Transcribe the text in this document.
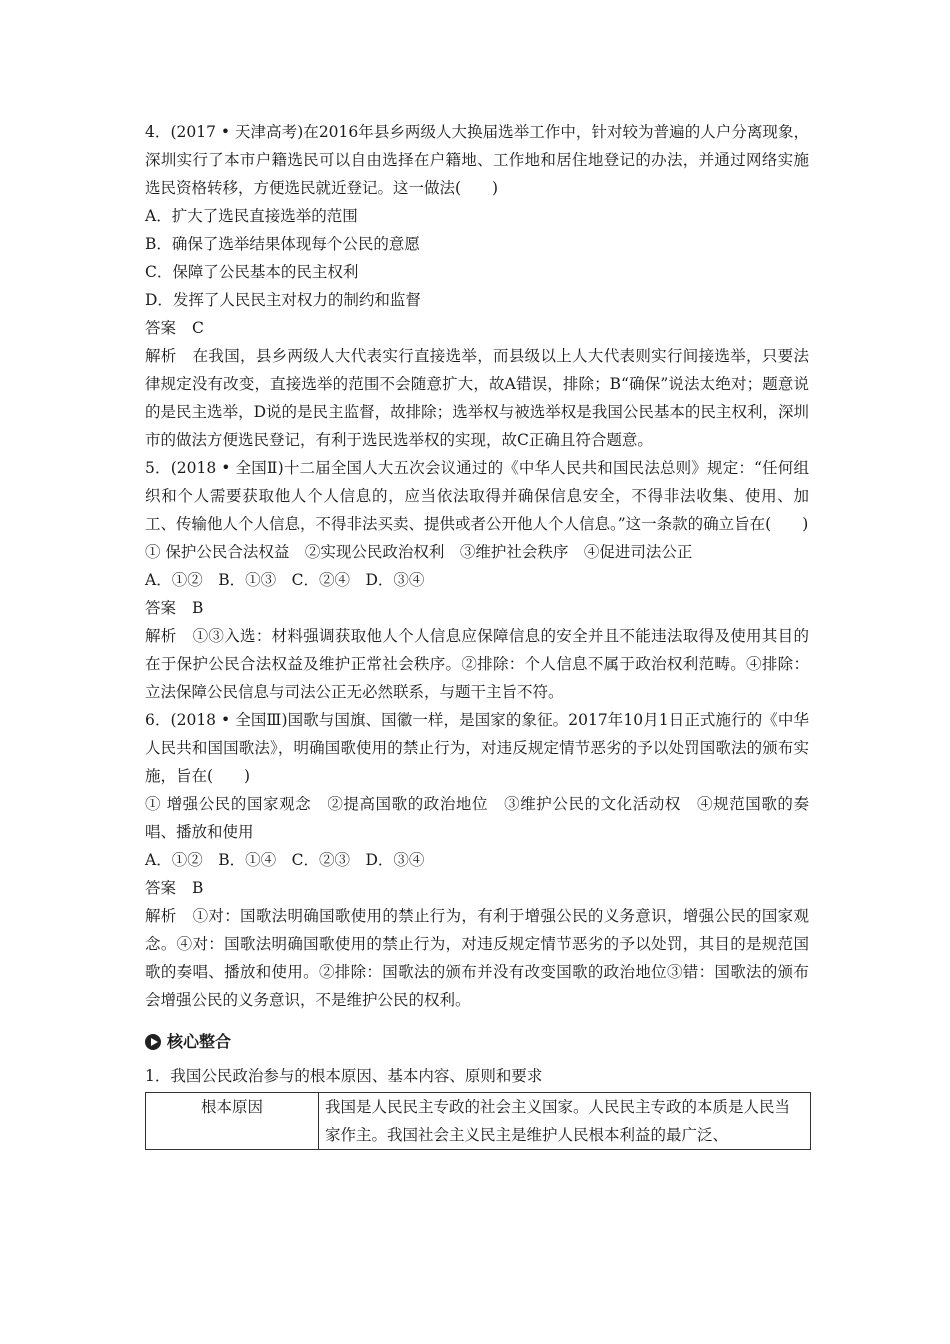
4．(2017 • 天津高考)在2016年县乡两级人大换届选举工作中，针对较为普遍的人户分离现象，深圳实行了本市户籍选民可以自由选择在户籍地、工作地和居住地登记的办法，并通过网络实施选民资格转移，方便选民就近登记。这一做法(　　)

A．扩大了选民直接选举的范围

B．确保了选举结果体现每个公民的意愿

C．保障了公民基本的民主权利

D．发挥了人民民主对权力的制约和监督

答案 C

解析 在我国，县乡两级人大代表实行直接选举，而县级以上人大代表则实行间接选举，只要法律规定没有改变，直接选举的范围不会随意扩大，故A错误，排除；B“确保”说法太绝对；题意说的是民主选举，D说的是民主监督，故排除；选举权与被选举权是我国公民基本的民主权利，深圳市的做法方便选民登记，有利于选民选举权的实现，故C正确且符合题意。

5．(2018 • 全国Ⅱ)十二届全国人大五次会议通过的《中华人民共和国民法总则》规定：“任何组织和个人需要获取他人个人信息的，应当依法取得并确保信息安全，不得非法收集、使用、加工、传输他人个人信息，不得非法买卖、提供或者公开他人个人信息。”这一条款的确立旨在(　　)

① 保护公民合法权益　②实现公民政治权利　③维护社会秩序　④促进司法公正

A．①②　B．①③　C．②④　D．③④

答案 B

解析 ①③入选：材料强调获取他人个人信息应保障信息的安全并且不能违法取得及使用其目的在于保护公民合法权益及维护正常社会秩序。②排除：个人信息不属于政治权利范畴。④排除：立法保障公民信息与司法公正无必然联系，与题干主旨不符。

6．(2018 • 全国Ⅲ)国歌与国旗、国徽一样，是国家的象征。2017年10月1日正式施行的《中华人民共和国国歌法》，明确国歌使用的禁止行为，对违反规定情节恶劣的予以处罚国歌法的颁布实施，旨在(　　)

① 增强公民的国家观念　②提高国歌的政治地位　③维护公民的文化活动权　④规范国歌的奏唱、播放和使用

A．①②　B．①④　C．②③　D．③④

答案 B

解析 ①对：国歌法明确国歌使用的禁止行为，有利于增强公民的义务意识，增强公民的国家观念。④对：国歌法明确国歌使用的禁止行为，对违反规定情节恶劣的予以处罚，其目的是规范国歌的奏唱、播放和使用。②排除：国歌法的颁布并没有改变国歌的政治地位③错：国歌法的颁布会增强公民的义务意识，不是维护公民的权利。

核心整合

1．我国公民政治参与的根本原因、基本内容、原则和要求

根本原因	我国是人民民主专政的社会主义国家。人民民主专政的本质是人民当家作主。我国社会主义民主是维护人民根本利益的最广泛、
